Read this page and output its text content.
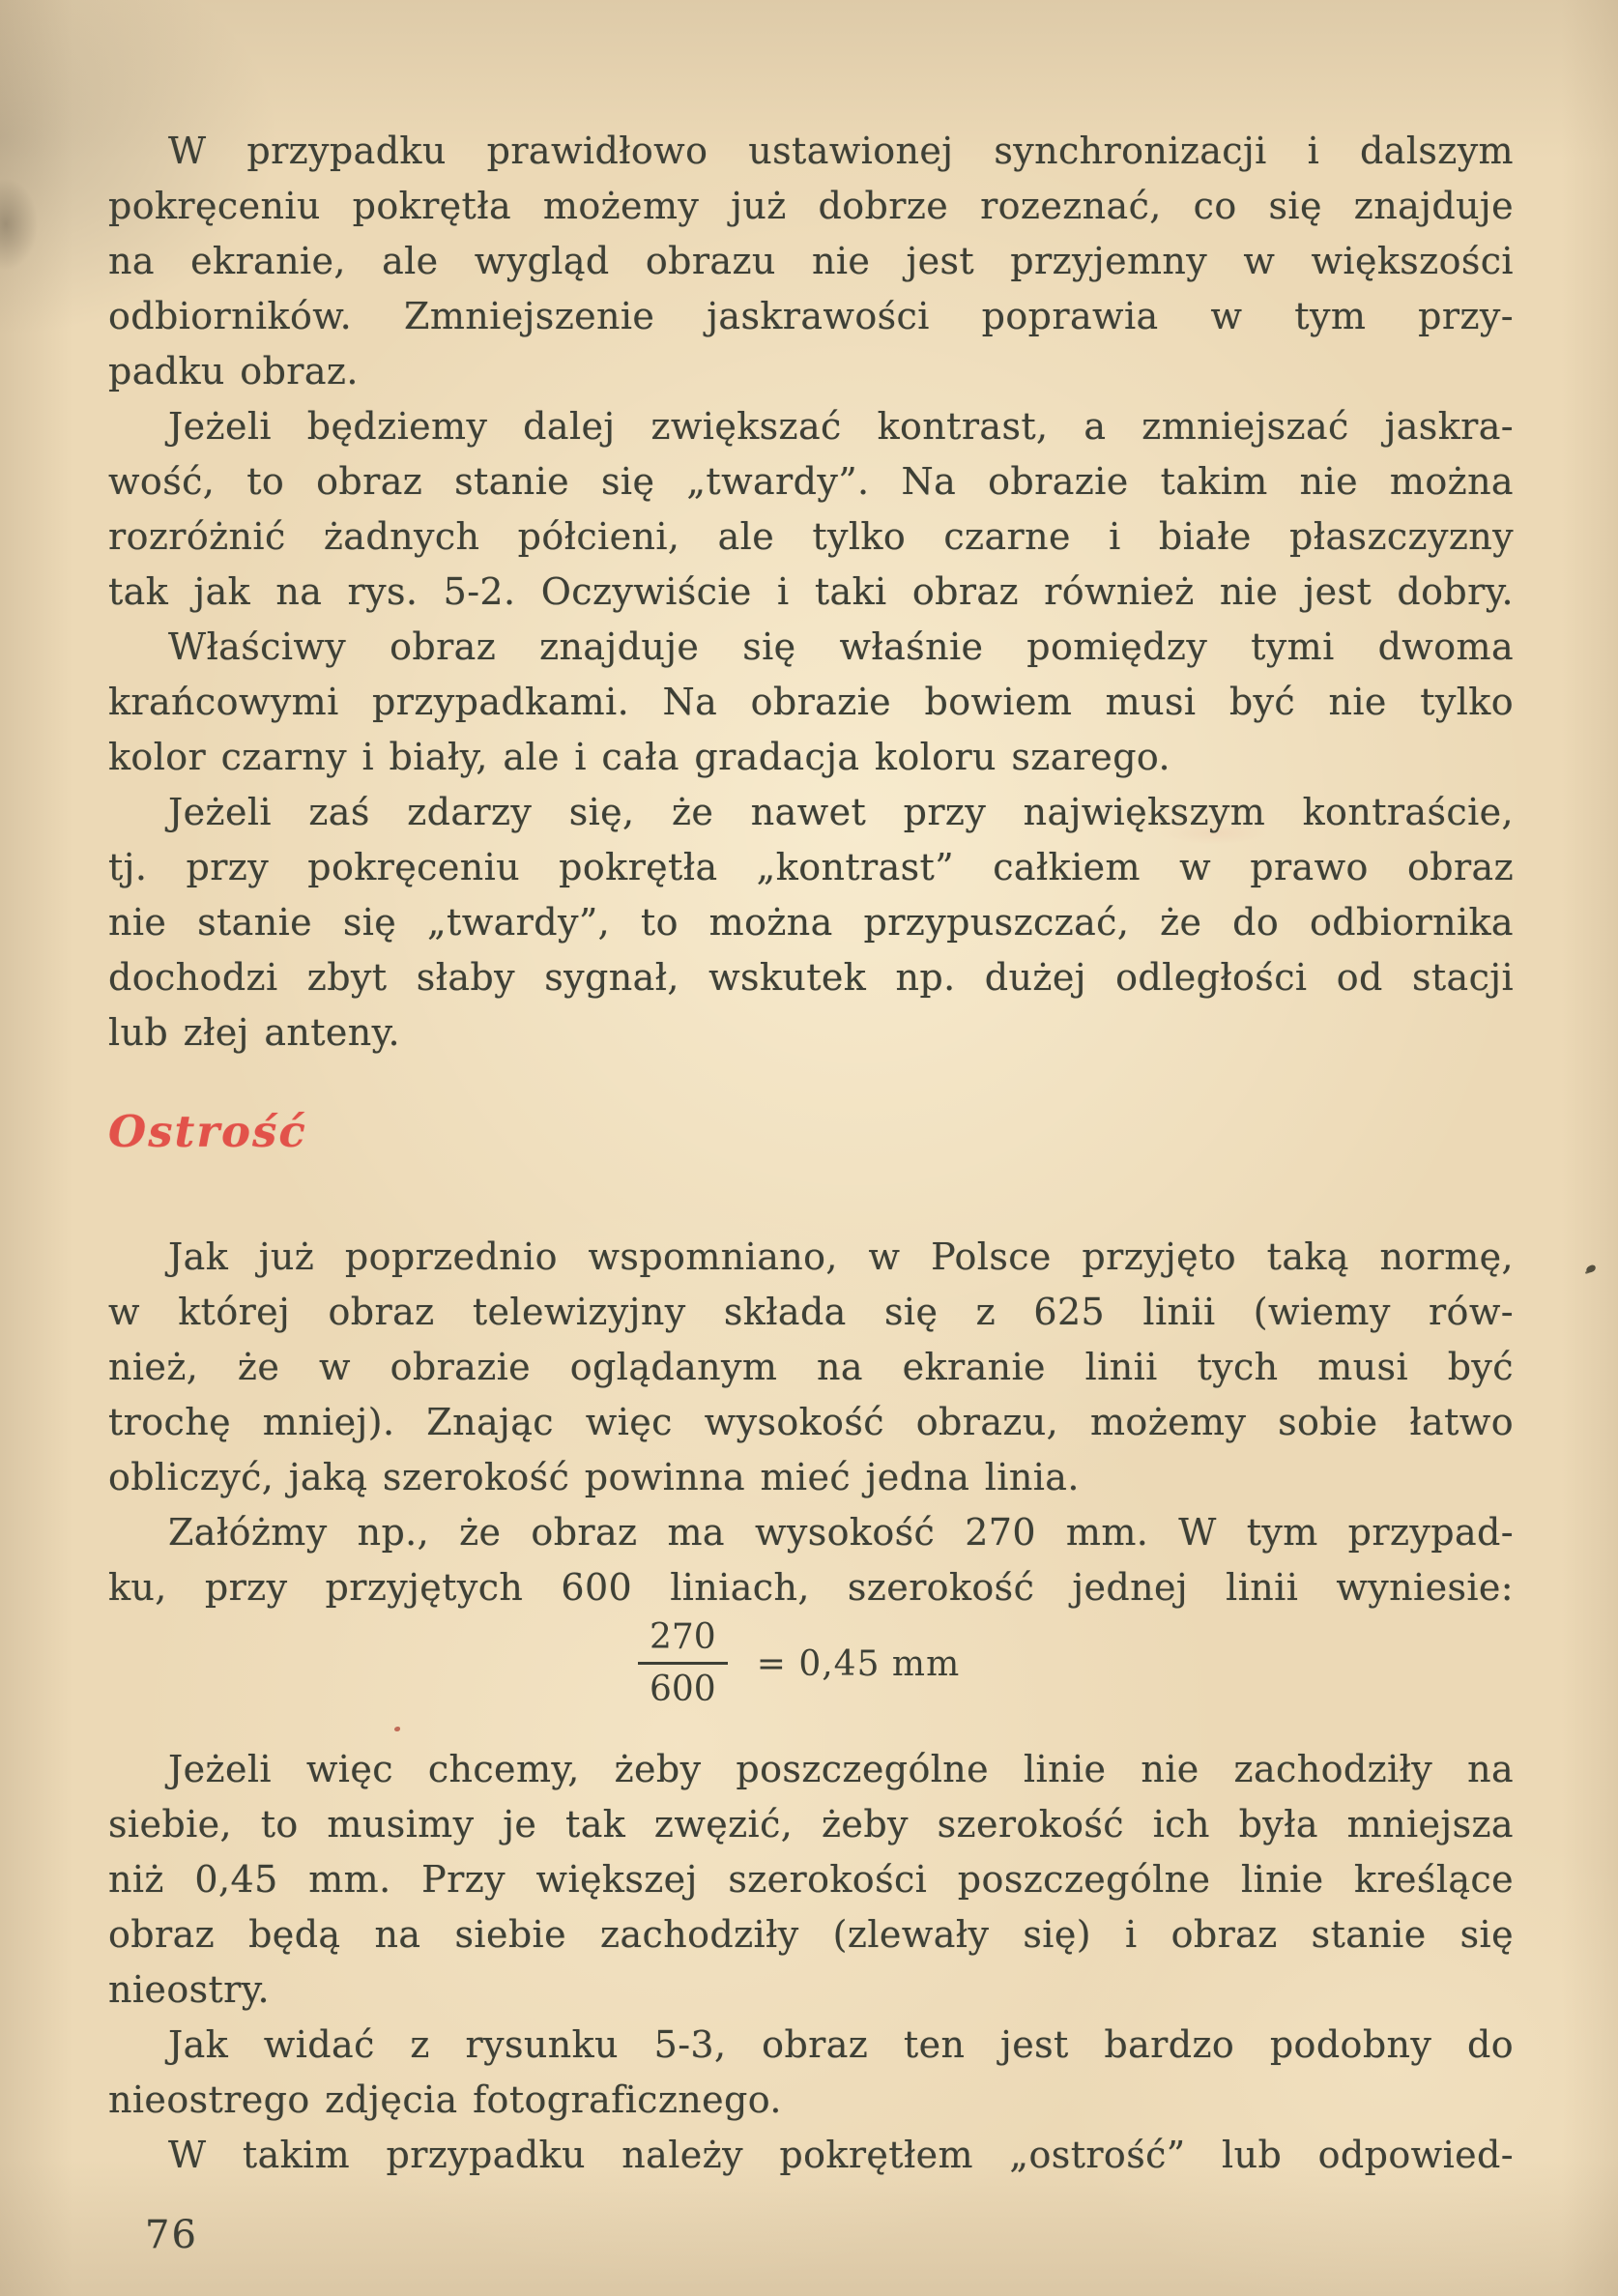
W przypadku prawidłowo ustawionej synchronizacji i dalszym
pokręceniu pokrętła możemy już dobrze rozeznać, co się znajduje
na ekranie, ale wygląd obrazu nie jest przyjemny w większości
odbiorników. Zmniejszenie jaskrawości poprawia w tym przy-
padku obraz.
Jeżeli będziemy dalej zwiększać kontrast, a zmniejszać jaskra-
wość, to obraz stanie się „twardy”. Na obrazie takim nie można
rozróżnić żadnych półcieni, ale tylko czarne i białe płaszczyzny
tak jak na rys. 5-2. Oczywiście i taki obraz również nie jest dobry.
Właściwy obraz znajduje się właśnie pomiędzy tymi dwoma
krańcowymi przypadkami. Na obrazie bowiem musi być nie tylko
kolor czarny i biały, ale i cała gradacja koloru szarego.
Jeżeli zaś zdarzy się, że nawet przy największym kontraście,
tj. przy pokręceniu pokrętła „kontrast” całkiem w prawo obraz
nie stanie się „twardy”, to można przypuszczać, że do odbiornika
dochodzi zbyt słaby sygnał, wskutek np. dużej odległości od stacji
lub złej anteny.
Ostrość
Jak już poprzednio wspomniano, w Polsce przyjęto taką normę,
w której obraz telewizyjny składa się z 625 linii (wiemy rów-
nież, że w obrazie oglądanym na ekranie linii tych musi być
trochę mniej). Znając więc wysokość obrazu, możemy sobie łatwo
obliczyć, jaką szerokość powinna mieć jedna linia.
Załóżmy np., że obraz ma wysokość 270 mm. W tym przypad-
ku, przy przyjętych 600 liniach, szerokość jednej linii wyniesie:
$\frac{270}{600} = 0,45$ mm
Jeżeli więc chcemy, żeby poszczególne linie nie zachodziły na
siebie, to musimy je tak zwęzić, żeby szerokość ich była mniejsza
niż 0,45 mm. Przy większej szerokości poszczególne linie kreślące
obraz będą na siebie zachodziły (zlewały się) i obraz stanie się
nieostry.
Jak widać z rysunku 5-3, obraz ten jest bardzo podobny do
nieostrego zdjęcia fotograficznego.
W takim przypadku należy pokrętłem „ostrość” lub odpowied-
76
